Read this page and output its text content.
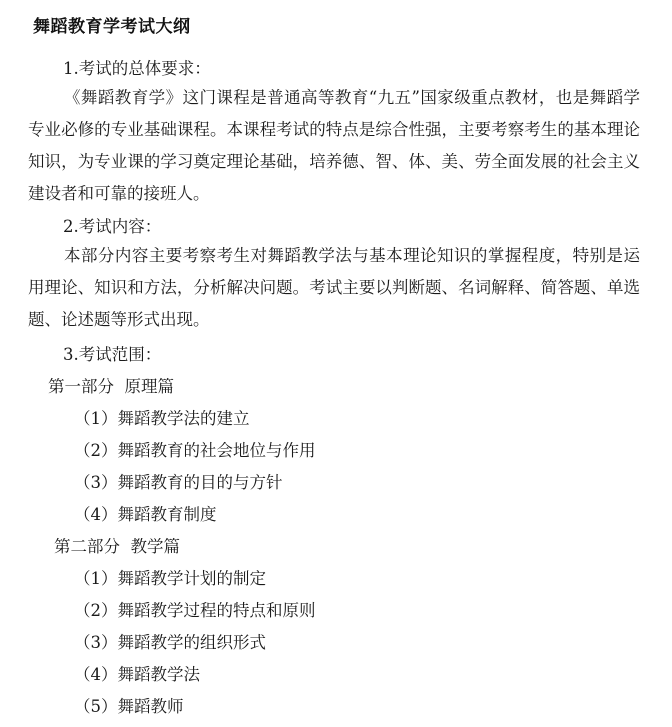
舞蹈教育学考试大纲
1.考试的总体要求：
《舞蹈教育学》这门课程是普通高等教育“九五”国家级重点教材，也是舞蹈学专业必修的专业基础课程。本课程考试的特点是综合性强，主要考察考生的基本理论知识，为专业课的学习奠定理论基础，培养德、智、体、美、劳全面发展的社会主义建设者和可靠的接班人。
2.考试内容：
本部分内容主要考察考生对舞蹈教学法与基本理论知识的掌握程度，特别是运用理论、知识和方法，分析解决问题。考试主要以判断题、名词解释、简答题、单选题、论述题等形式出现。
3.考试范围：
第一部分  原理篇
（1）舞蹈教学法的建立
（2）舞蹈教育的社会地位与作用
（3）舞蹈教育的目的与方针
（4）舞蹈教育制度
第二部分  教学篇
（1）舞蹈教学计划的制定
（2）舞蹈教学过程的特点和原则
（3）舞蹈教学的组织形式
（4）舞蹈教学法
（5）舞蹈教师
